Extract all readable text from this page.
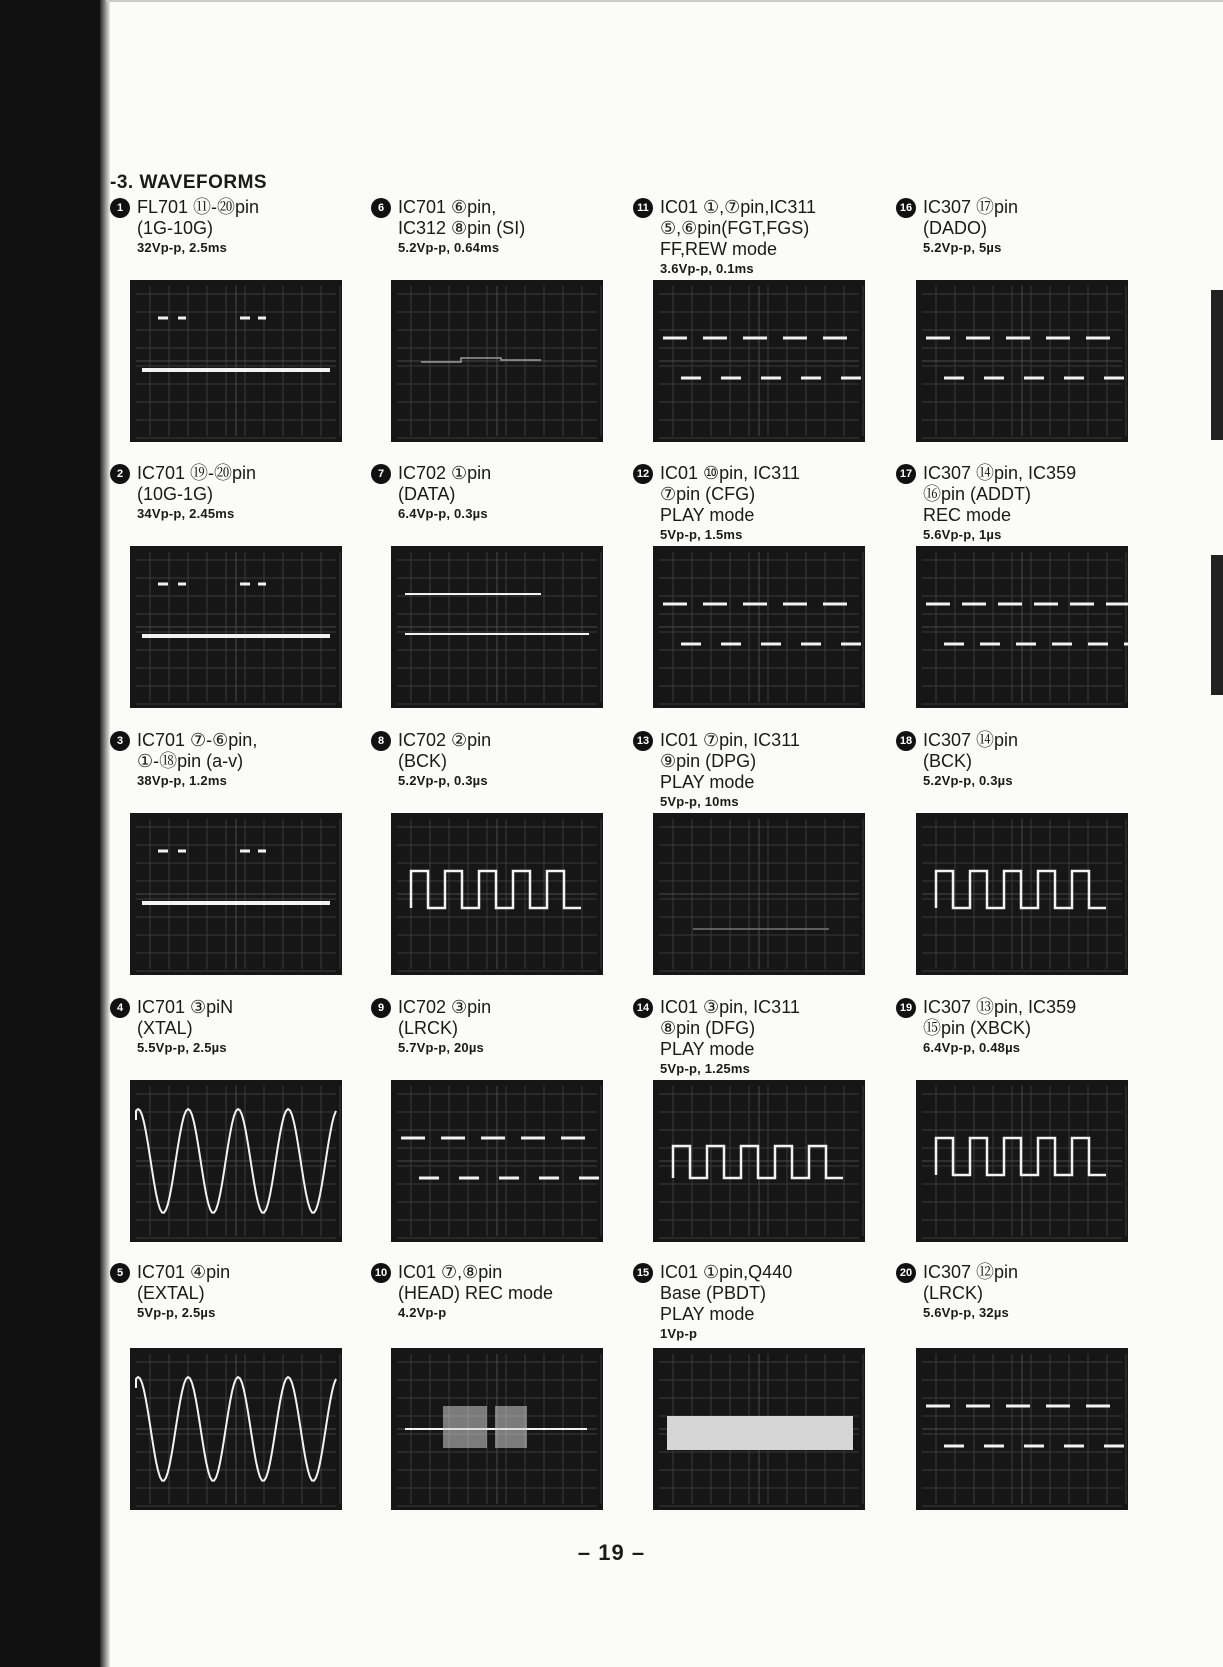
-3. WAVEFORMS
1 FL701 ⑪-⑳pin
(1G-10G)
32Vp-p, 2.5ms
2 IC701 ⑲-⑳pin
(10G-1G)
34Vp-p, 2.45ms
3 IC701 ⑦-⑥pin,
①-⑱pin (a-v)
38Vp-p, 1.2ms
4 IC701 ③piN
(XTAL)
5.5Vp-p, 2.5µs
5 IC701 ④pin
(EXTAL)
5Vp-p, 2.5µs
6 IC701 ⑥pin,
IC312 ⑧pin (SI)
5.2Vp-p, 0.64ms
7 IC702 ①pin
(DATA)
6.4Vp-p, 0.3µs
8 IC702 ②pin
(BCK)
5.2Vp-p, 0.3µs
9 IC702 ③pin
(LRCK)
5.7Vp-p, 20µs
10 IC01 ⑦,⑧pin
(HEAD) REC mode
4.2Vp-p
11 IC01 ①,⑦pin,IC311
⑤,⑥pin(FGT,FGS)
FF,REW mode
3.6Vp-p, 0.1ms
12 IC01 ⑩pin, IC311
⑦pin (CFG)
PLAY mode
5Vp-p, 1.5ms
13 IC01 ⑦pin, IC311
⑨pin (DPG)
PLAY mode
5Vp-p, 10ms
14 IC01 ③pin, IC311
⑧pin (DFG)
PLAY mode
5Vp-p, 1.25ms
15 IC01 ①pin,Q440
Base (PBDT)
PLAY mode
1Vp-p
16 IC307 ⑰pin
(DADO)
5.2Vp-p, 5µs
17 IC307 ⑭pin, IC359
⑯pin (ADDT)
REC mode
5.6Vp-p, 1µs
18 IC307 ⑭pin
(BCK)
5.2Vp-p, 0.3µs
19 IC307 ⑬pin, IC359
⑮pin (XBCK)
6.4Vp-p, 0.48µs
20 IC307 ⑫pin
(LRCK)
5.6Vp-p, 32µs
– 19 –
